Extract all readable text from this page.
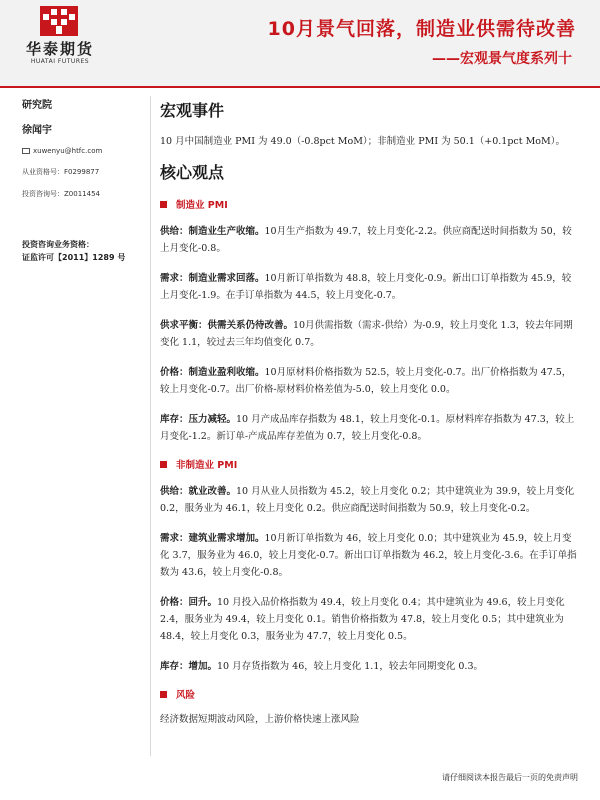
华泰期货
HUATAI FUTURES
10月景气回落，制造业供需待改善
——宏观景气度系列十
研究院
徐闻宇
xuwenyu@htfc.com
从业资格号：F0299877
投资咨询号：Z0011454
投资咨询业务资格：
证监许可【2011】1289 号
宏观事件
10 月中国制造业 PMI 为 49.0（-0.8pct MoM）；非制造业 PMI 为 50.1（+0.1pct MoM）。
核心观点
制造业 PMI
供给：制造业生产收缩。10月生产指数为 49.7，较上月变化-2.2。供应商配送时间指数为 50，较上月变化-0.8。
需求：制造业需求回落。10月新订单指数为 48.8，较上月变化-0.9。新出口订单指数为 45.9，较上月变化-1.9。在手订单指数为 44.5，较上月变化-0.7。
供求平衡：供需关系仍待改善。10月供需指数（需求-供给）为-0.9，较上月变化 1.3，较去年同期变化 1.1，较过去三年均值变化 0.7。
价格：制造业盈利收缩。10月原材料价格指数为 52.5，较上月变化-0.7。出厂价格指数为 47.5，较上月变化-0.7。出厂价格-原材料价格差值为-5.0，较上月变化 0.0。
库存：压力减轻。10 月产成品库存指数为 48.1，较上月变化-0.1。原材料库存指数为 47.3，较上月变化-1.2。新订单-产成品库存差值为 0.7，较上月变化-0.8。
非制造业 PMI
供给：就业改善。10 月从业人员指数为 45.2，较上月变化 0.2；其中建筑业为 39.9，较上月变化 0.2，服务业为 46.1，较上月变化 0.2。供应商配送时间指数为 50.9，较上月变化-0.2。
需求：建筑业需求增加。10月新订单指数为 46，较上月变化 0.0；其中建筑业为 45.9，较上月变化 3.7，服务业为 46.0，较上月变化-0.7。新出口订单指数为 46.2，较上月变化-3.6。在手订单指数为 43.6，较上月变化-0.8。
价格：回升。10 月投入品价格指数为 49.4，较上月变化 0.4；其中建筑业为 49.6，较上月变化 2.4，服务业为 49.4，较上月变化 0.1。销售价格指数为 47.8，较上月变化 0.5；其中建筑业为 48.4，较上月变化 0.3，服务业为 47.7，较上月变化 0.5。
库存：增加。10 月存货指数为 46，较上月变化 1.1，较去年同期变化 0.3。
风险
经济数据短期波动风险，上游价格快速上涨风险
请仔细阅读本报告最后一页的免责声明
